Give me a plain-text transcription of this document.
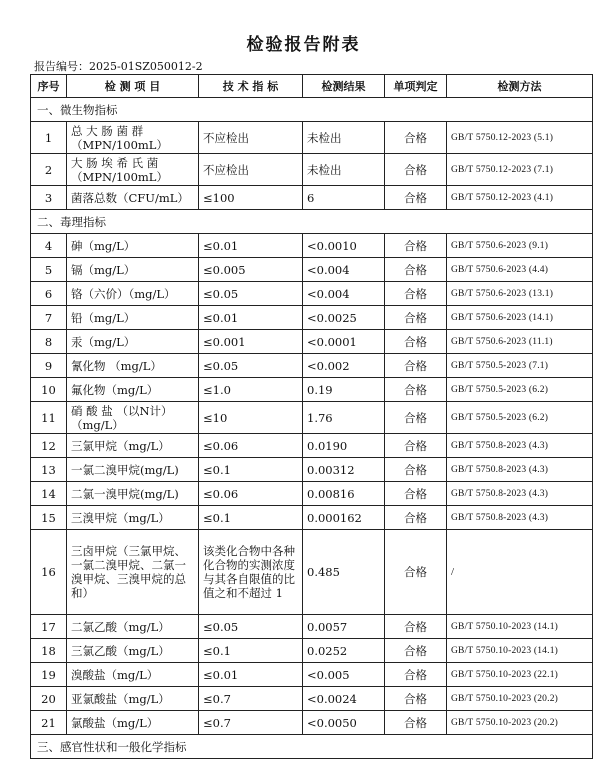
检验报告附表
报告编号：2025-01SZ050012-2
序号	检 测 项 目	技 术 指 标	检测结果	单项判定	检测方法
一、微生物指标					
1	总 大 肠 菌 群（MPN/100mL）	不应检出	未检出	合格	GB/T 5750.12-2023 (5.1)
2	大 肠 埃 希 氏 菌（MPN/100mL）	不应检出	未检出	合格	GB/T 5750.12-2023 (7.1)
3	菌落总数（CFU/mL）	≤100	6	合格	GB/T 5750.12-2023 (4.1)
二、毒理指标					
4	砷（mg/L）	≤0.01	<0.0010	合格	GB/T 5750.6-2023 (9.1)
5	镉（mg/L）	≤0.005	<0.004	合格	GB/T 5750.6-2023 (4.4)
6	铬（六价）（mg/L）	≤0.05	<0.004	合格	GB/T 5750.6-2023 (13.1)
7	铅（mg/L）	≤0.01	<0.0025	合格	GB/T 5750.6-2023 (14.1)
8	汞（mg/L）	≤0.001	<0.0001	合格	GB/T 5750.6-2023 (11.1)
9	氰化物 （mg/L）	≤0.05	<0.002	合格	GB/T 5750.5-2023 (7.1)
10	氟化物（mg/L）	≤1.0	0.19	合格	GB/T 5750.5-2023 (6.2)
11	硝 酸 盐 （以N计）（mg/L）	≤10	1.76	合格	GB/T 5750.5-2023 (6.2)
12	三氯甲烷（mg/L）	≤0.06	0.0190	合格	GB/T 5750.8-2023 (4.3)
13	一氯二溴甲烷(mg/L)	≤0.1	0.00312	合格	GB/T 5750.8-2023 (4.3)
14	二氯一溴甲烷(mg/L)	≤0.06	0.00816	合格	GB/T 5750.8-2023 (4.3)
15	三溴甲烷（mg/L）	≤0.1	0.000162	合格	GB/T 5750.8-2023 (4.3)
16	三卤甲烷（三氯甲烷、一氯二溴甲烷、二氯一溴甲烷、三溴甲烷的总和）	该类化合物中各种化合物的实测浓度与其各自限值的比值之和不超过 1	0.485	合格	/
17	二氯乙酸（mg/L）	≤0.05	0.0057	合格	GB/T 5750.10-2023 (14.1)
18	三氯乙酸（mg/L）	≤0.1	0.0252	合格	GB/T 5750.10-2023 (14.1)
19	溴酸盐（mg/L）	≤0.01	<0.005	合格	GB/T 5750.10-2023 (22.1)
20	亚氯酸盐（mg/L）	≤0.7	<0.0024	合格	GB/T 5750.10-2023 (20.2)
21	氯酸盐（mg/L）	≤0.7	<0.0050	合格	GB/T 5750.10-2023 (20.2)
三、感官性状和一般化学指标					
